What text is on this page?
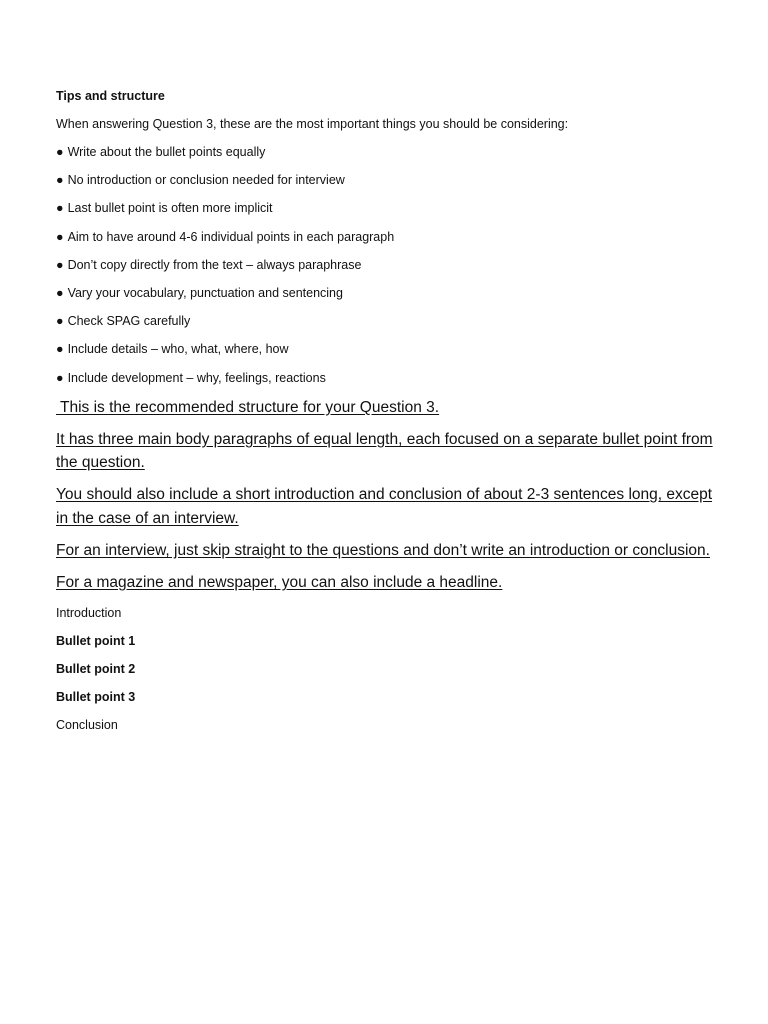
Tips and structure
When answering Question 3, these are the most important things you should be considering:
● Write about the bullet points equally
● No introduction or conclusion needed for interview
● Last bullet point is often more implicit
● Aim to have around 4-6 individual points in each paragraph
● Don’t copy directly from the text – always paraphrase
● Vary your vocabulary, punctuation and sentencing
● Check SPAG carefully
● Include details – who, what, where, how
● Include development – why, feelings, reactions

This is the recommended structure for your Question 3.

It has three main body paragraphs of equal length, each focused on a separate bullet point from the question.

You should also include a short introduction and conclusion of about 2-3 sentences long, except in the case of an interview.

For an interview, just skip straight to the questions and don’t write an introduction or conclusion.

For a magazine and newspaper, you can also include a headline.

Introduction
Bullet point 1
Bullet point 2
Bullet point 3
Conclusion
